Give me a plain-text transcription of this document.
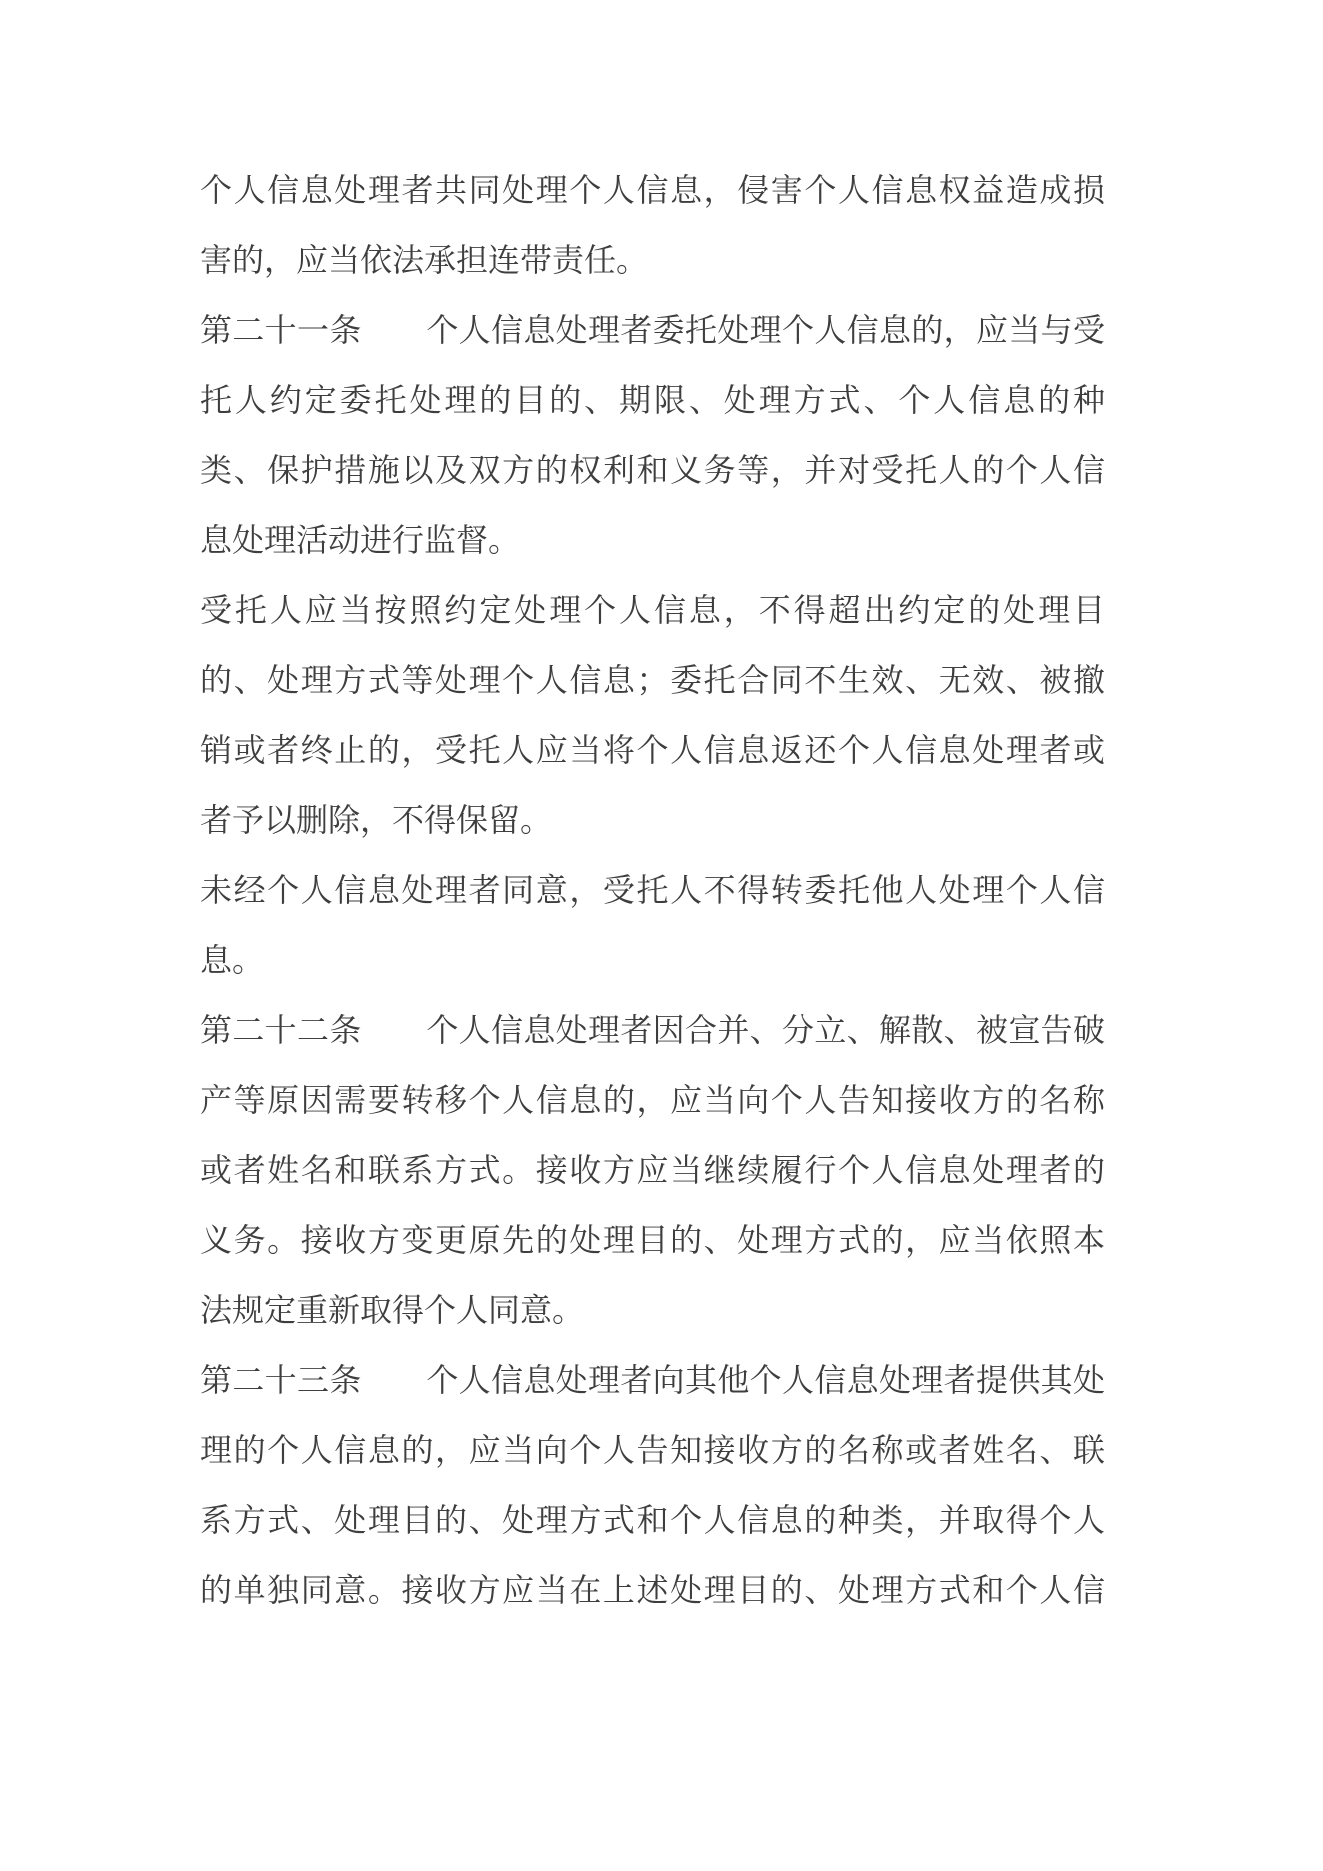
个人信息处理者共同处理个人信息，侵害个人信息权益造成损
害的，应当依法承担连带责任。
第二十一条　　个人信息处理者委托处理个人信息的，应当与受
托人约定委托处理的目的、期限、处理方式、个人信息的种
类、保护措施以及双方的权利和义务等，并对受托人的个人信
息处理活动进行监督。
受托人应当按照约定处理个人信息，不得超出约定的处理目
的、处理方式等处理个人信息；委托合同不生效、无效、被撤
销或者终止的，受托人应当将个人信息返还个人信息处理者或
者予以删除，不得保留。
未经个人信息处理者同意，受托人不得转委托他人处理个人信
息。
第二十二条　　个人信息处理者因合并、分立、解散、被宣告破
产等原因需要转移个人信息的，应当向个人告知接收方的名称
或者姓名和联系方式。接收方应当继续履行个人信息处理者的
义务。接收方变更原先的处理目的、处理方式的，应当依照本
法规定重新取得个人同意。
第二十三条　　个人信息处理者向其他个人信息处理者提供其处
理的个人信息的，应当向个人告知接收方的名称或者姓名、联
系方式、处理目的、处理方式和个人信息的种类，并取得个人
的单独同意。接收方应当在上述处理目的、处理方式和个人信
